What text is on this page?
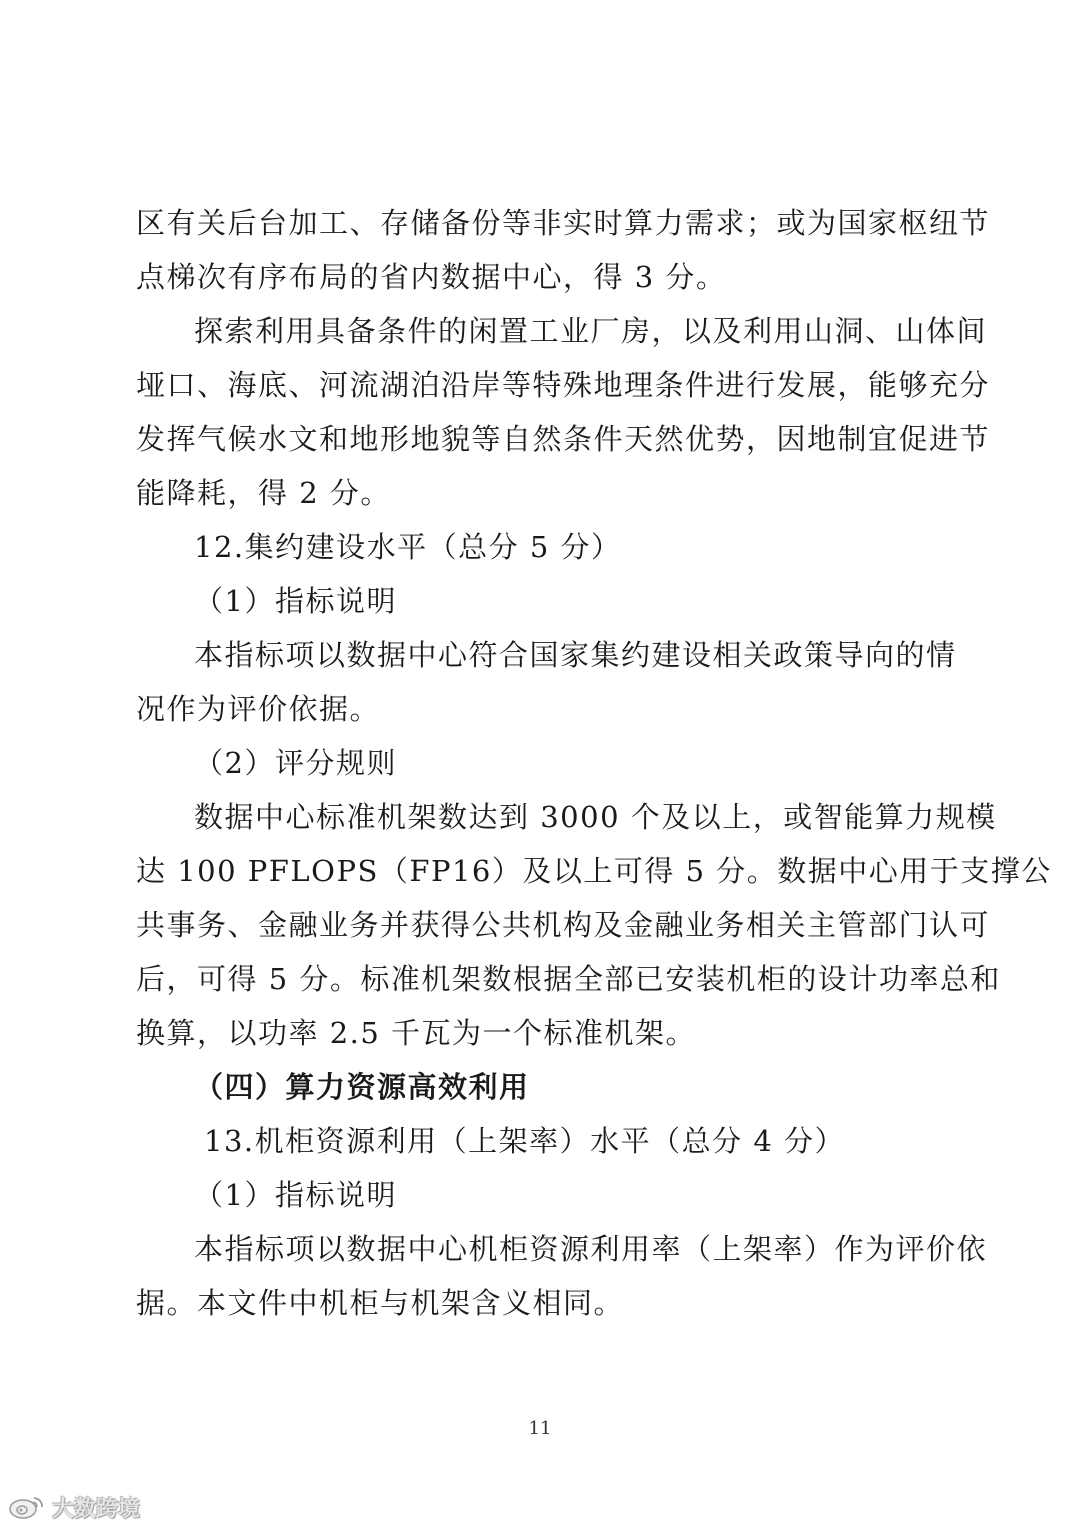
区有关后台加工、存储备份等非实时算力需求；或为国家枢纽节
点梯次有序布局的省内数据中心，得 3 分。
探索利用具备条件的闲置工业厂房，以及利用山洞、山体间
垭口、海底、河流湖泊沿岸等特殊地理条件进行发展，能够充分
发挥气候水文和地形地貌等自然条件天然优势，因地制宜促进节
能降耗，得 2 分。
12.集约建设水平（总分 5 分）
（1）指标说明
本指标项以数据中心符合国家集约建设相关政策导向的情
况作为评价依据。
（2）评分规则
数据中心标准机架数达到 3000 个及以上，或智能算力规模
达 100 PFLOPS（FP16）及以上可得 5 分。数据中心用于支撑公
共事务、金融业务并获得公共机构及金融业务相关主管部门认可
后，可得 5 分。标准机架数根据全部已安装机柜的设计功率总和
换算，以功率 2.5 千瓦为一个标准机架。
（四）算力资源高效利用
13.机柜资源利用（上架率）水平（总分 4 分）
（1）指标说明
本指标项以数据中心机柜资源利用率（上架率）作为评价依
据。本文件中机柜与机架含义相同。
11
大数跨境
